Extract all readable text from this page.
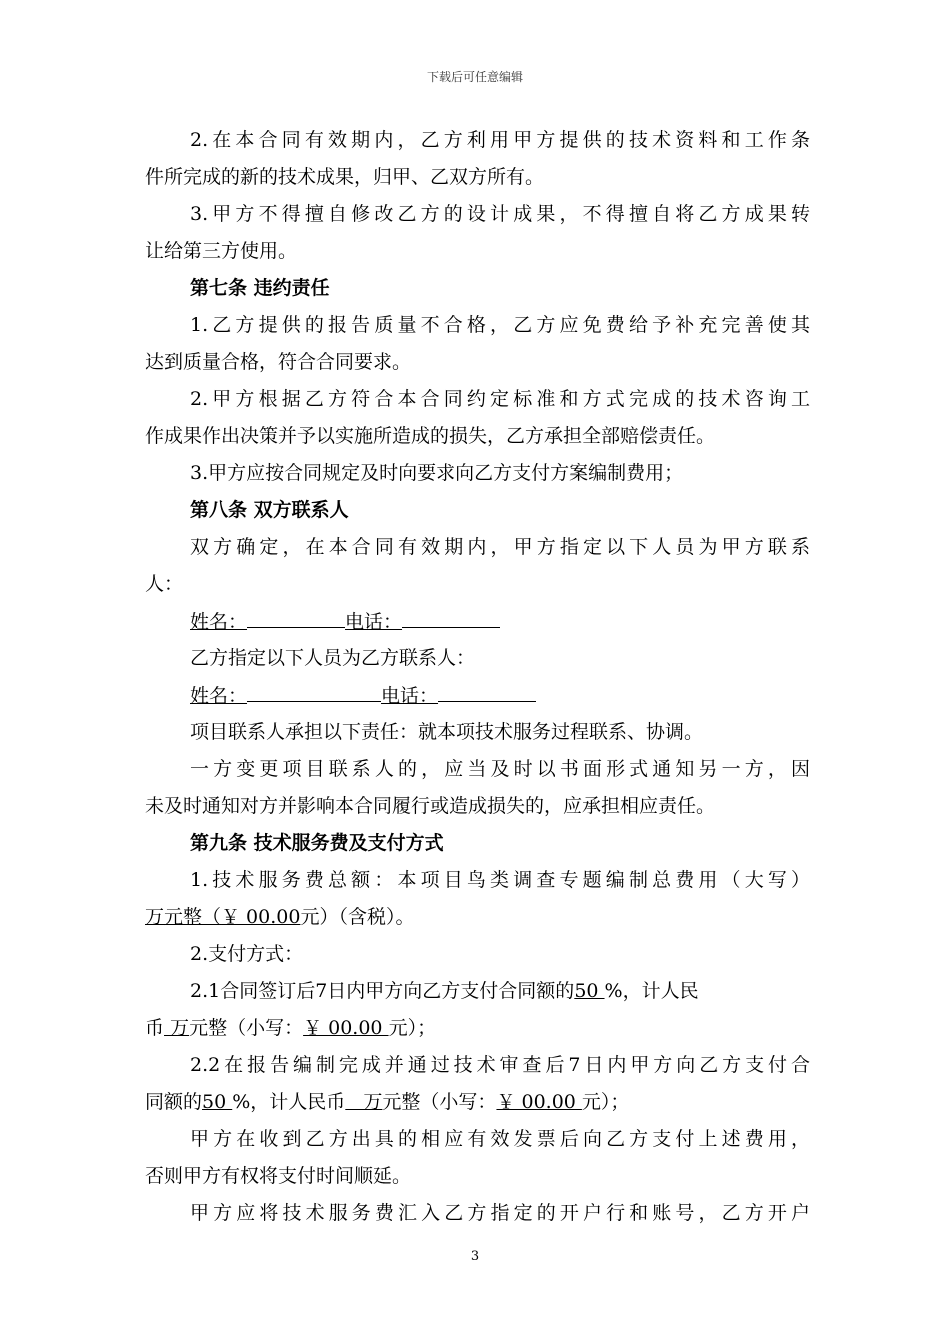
下载后可任意编辑
2.在本合同有效期内，乙方利用甲方提供的技术资料和工作条
件所完成的新的技术成果，归甲、乙双方所有。
3.甲方不得擅自修改乙方的设计成果，不得擅自将乙方成果转
让给第三方使用。
第七条 违约责任
1.乙方提供的报告质量不合格，乙方应免费给予补充完善使其
达到质量合格，符合合同要求。
2.甲方根据乙方符合本合同约定标准和方式完成的技术咨询工
作成果作出决策并予以实施所造成的损失，乙方承担全部赔偿责任。
3.甲方应按合同规定及时向要求向乙方支付方案编制费用；
第八条 双方联系人
双方确定，在本合同有效期内，甲方指定以下人员为甲方联系
人：
姓名：	电话：
乙方指定以下人员为乙方联系人：
姓名：	电话：
项目联系人承担以下责任：就本项技术服务过程联系、协调。
一方变更项目联系人的，应当及时以书面形式通知另一方，因
未及时通知对方并影响本合同履行或造成损失的，应承担相应责任。
第九条 技术服务费及支付方式
1.技术服务费总额：本项目鸟类调查专题编制总费用（大写）
万元整（￥ 00.00元）（含税）。
2.支付方式：
2.1合同签订后7日内甲方向乙方支付合同额的50 %，计人民
币 万元整（小写：￥ 00.00 元）；
2.2在报告编制完成并通过技术审查后7日内甲方向乙方支付合
同额的50 %，计人民币   万元整（小写：￥ 00.00 元）；
甲方在收到乙方出具的相应有效发票后向乙方支付上述费用，
否则甲方有权将支付时间顺延。
甲方应将技术服务费汇入乙方指定的开户行和账号，乙方开户
3
